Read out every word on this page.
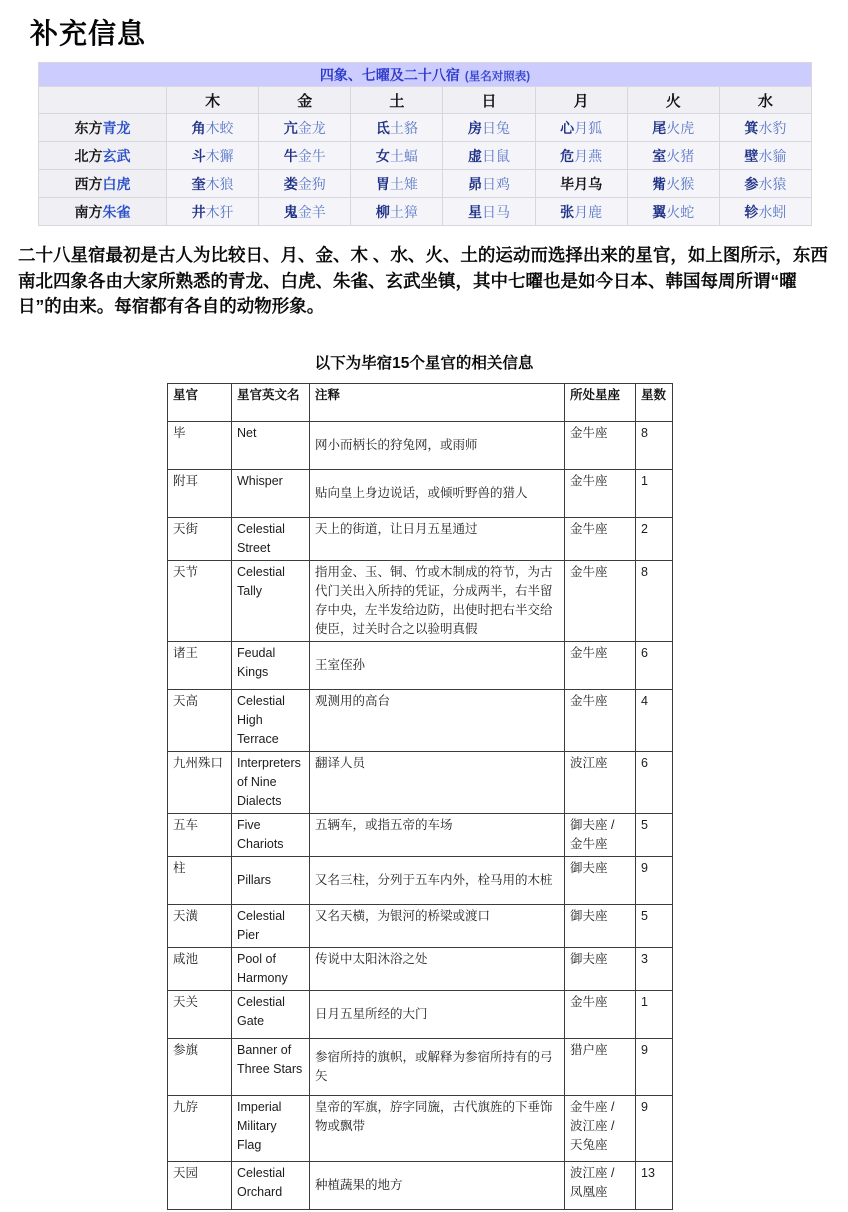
补充信息
四象、七曜及二十八宿 (星名对照表)							
	木	金	土	日	月	火	水
东方青龙	角木蛟	亢金龙	氐土貉	房日兔	心月狐	尾火虎	箕水豹
北方玄武	斗木獬	牛金牛	女土蝠	虚日鼠	危月燕	室火猪	壁水貐
西方白虎	奎木狼	娄金狗	胃土雉	昴日鸡	毕月乌	觜火猴	参水猿
南方朱雀	井木犴	鬼金羊	柳土獐	星日马	张月鹿	翼火蛇	轸水蚓

二十八星宿最初是古人为比较日、月、金、木 、水、火、土的运动而选择出来的星官，如上图所示，东西南北四象各由大家所熟悉的青龙、白虎、朱雀、玄武坐镇，其中七曜也是如今日本、韩国每周所谓“曜日”的由来。每宿都有各自的动物形象。

以下为毕宿15个星官的相关信息
星官	星官英文名	注释	所处星座	星数
毕	Net	网小而柄长的狩兔网，或雨师	金牛座	8
附耳	Whisper	贴向皇上身边说话，或倾听野兽的猎人	金牛座	1
天街	Celestial Street	天上的街道，让日月五星通过	金牛座	2
天节	Celestial Tally	指用金、玉、铜、竹或木制成的符节，为古代门关出入所持的凭证，分成两半，右半留存中央，左半发给边防，出使时把右半交给使臣，过关时合之以验明真假	金牛座	8
诸王	Feudal Kings	王室侄孙	金牛座	6
天高	Celestial High Terrace	观测用的高台	金牛座	4
九州殊口	Interpreters of Nine Dialects	翻译人员	波江座	6
五车	Five Chariots	五辆车，或指五帝的车场	御夫座 / 金牛座	5
柱	Pillars	又名三柱，分列于五车内外，栓马用的木桩	御夫座	9
天潢	Celestial Pier	又名天横，为银河的桥梁或渡口	御夫座	5
咸池	Pool of Harmony	传说中太阳沐浴之处	御夫座	3
天关	Celestial Gate	日月五星所经的大门	金牛座	1
参旗	Banner of Three Stars	参宿所持的旗帜，或解释为参宿所持有的弓矢	猎户座	9
九斿	Imperial Military Flag	皇帝的军旗，斿字同旒，古代旗旌的下垂饰物或飘带	金牛座 / 波江座 / 天兔座	9
天园	Celestial Orchard	种植蔬果的地方	波江座 / 凤凰座	13
